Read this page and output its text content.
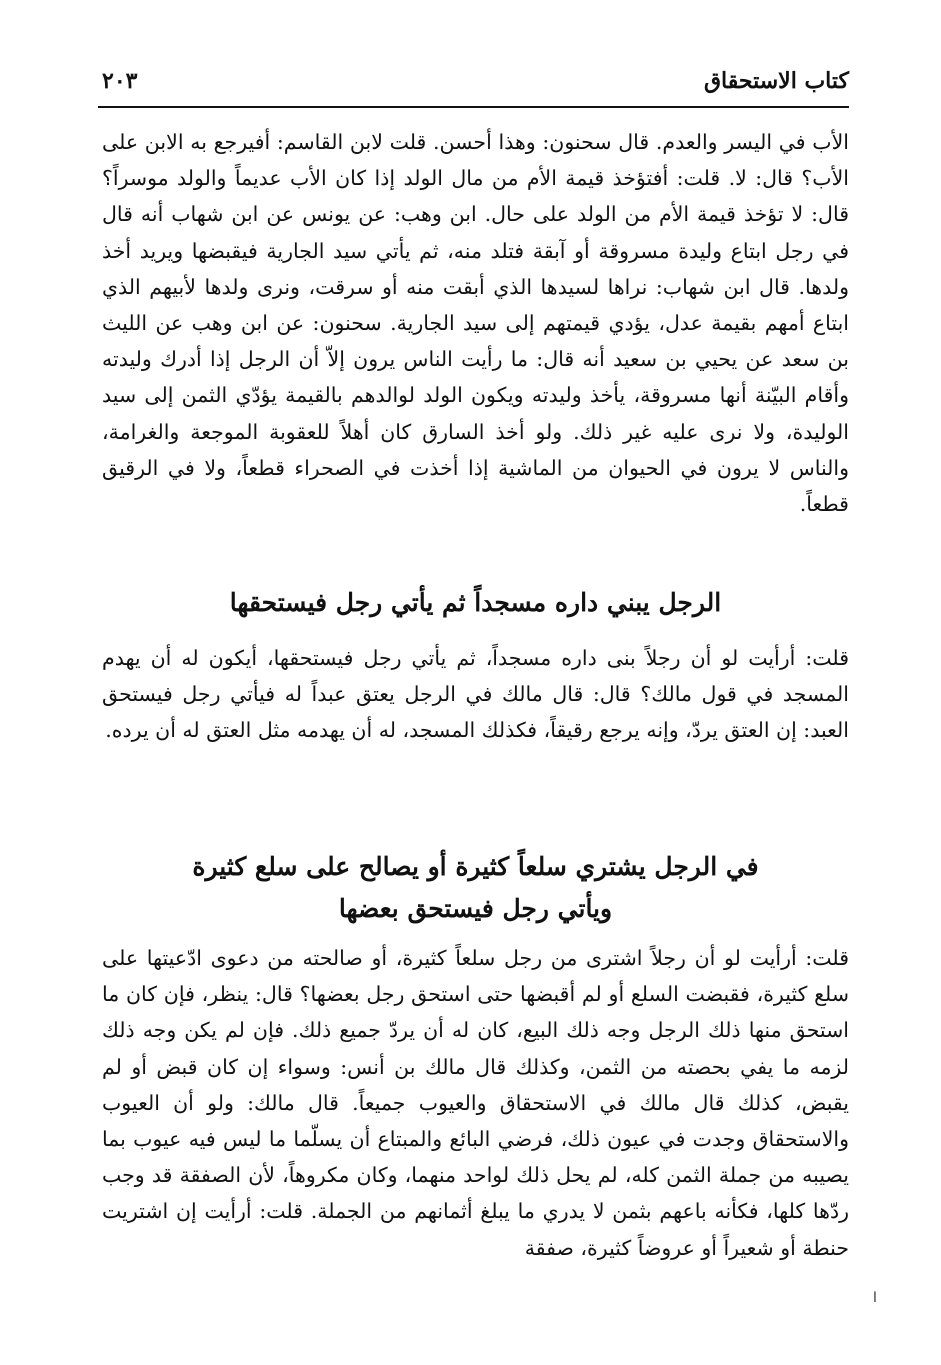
كتاب الاستحقاق
٢٠٣

الأب في اليسر والعدم. قال سحنون: وهذا أحسن. قلت لابن القاسم: أفيرجع به الابن على الأب؟ قال: لا. قلت: أفتؤخذ قيمة الأم من مال الولد إذا كان الأب عديماً والولد موسراً؟ قال: لا تؤخذ قيمة الأم من الولد على حال. ابن وهب: عن يونس عن ابن شهاب أنه قال في رجل ابتاع وليدة مسروقة أو آبقة فتلد منه، ثم يأتي سيد الجارية فيقبضها ويريد أخذ ولدها. قال ابن شهاب: نراها لسيدها الذي أبقت منه أو سرقت، ونرى ولدها لأبيهم الذي ابتاع أمهم بقيمة عدل، يؤدي قيمتهم إلى سيد الجارية. سحنون: عن ابن وهب عن الليث بن سعد عن يحيي بن سعيد أنه قال: ما رأيت الناس يرون إلاّ أن الرجل إذا أدرك وليدته وأقام البيّنة أنها مسروقة، يأخذ وليدته ويكون الولد لوالدهم بالقيمة يؤدّي الثمن إلى سيد الوليدة، ولا نرى عليه غير ذلك. ولو أخذ السارق كان أهلاً للعقوبة الموجعة والغرامة، والناس لا يرون في الحيوان من الماشية إذا أخذت في الصحراء قطعاً، ولا في الرقيق قطعاً.

الرجل يبني داره مسجداً ثم يأتي رجل فيستحقها

قلت: أرأيت لو أن رجلاً بنى داره مسجداً، ثم يأتي رجل فيستحقها، أيكون له أن يهدم المسجد في قول مالك؟ قال: قال مالك في الرجل يعتق عبداً له فيأتي رجل فيستحق العبد: إن العتق يردّ، وإنه يرجع رقيقاً، فكذلك المسجد، له أن يهدمه مثل العتق له أن يرده.

في الرجل يشتري سلعاً كثيرة أو يصالح على سلع كثيرة
ويأتي رجل فيستحق بعضها

قلت: أرأيت لو أن رجلاً اشترى من رجل سلعاً كثيرة، أو صالحته من دعوى ادّعيتها على سلع كثيرة، فقبضت السلع أو لم أقبضها حتى استحق رجل بعضها؟ قال: ينظر، فإن كان ما استحق منها ذلك الرجل وجه ذلك البيع، كان له أن يردّ جميع ذلك. فإن لم يكن وجه ذلك لزمه ما يفي بحصته من الثمن، وكذلك قال مالك بن أنس: وسواء إن كان قبض أو لم يقبض، كذلك قال مالك في الاستحقاق والعيوب جميعاً. قال مالك: ولو أن العيوب والاستحقاق وجدت في عيون ذلك، فرضي البائع والمبتاع أن يسلّما ما ليس فيه عيوب بما يصيبه من جملة الثمن كله، لم يحل ذلك لواحد منهما، وكان مكروهاً، لأن الصفقة قد وجب ردّها كلها، فكأنه باعهم بثمن لا يدري ما يبلغ أثمانهم من الجملة. قلت: أرأيت إن اشتريت حنطة أو شعيراً أو عروضاً كثيرة، صفقة

ا
